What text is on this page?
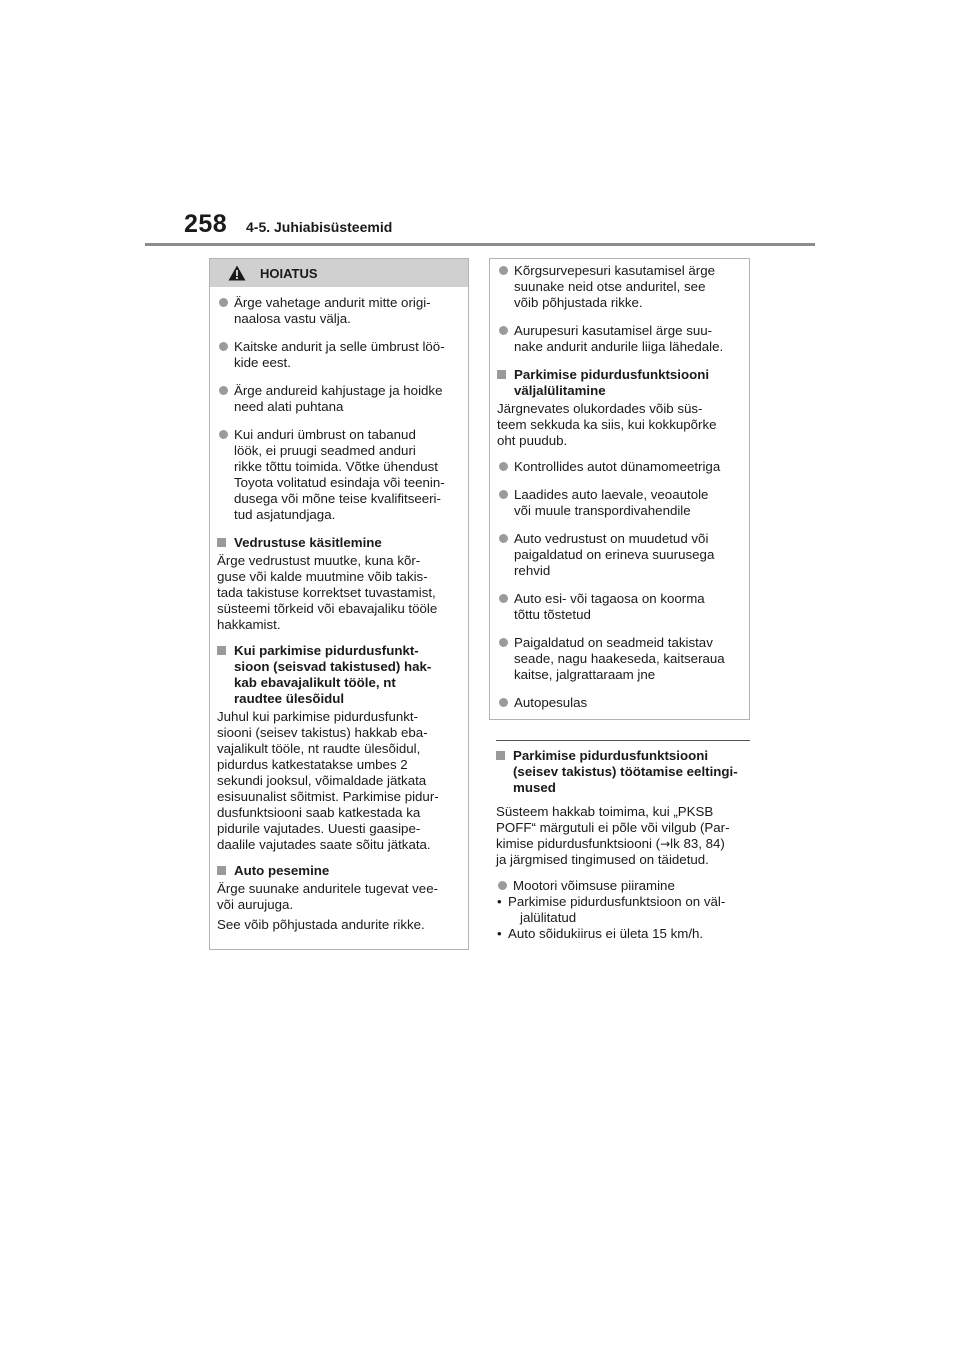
258 4-5. Juhiabisüsteemid
HOIATUS
Ärge vahetage andurit mitte origi-
naalosa vastu välja.
Kaitske andurit ja selle ümbrust löö-
kide eest.
Ärge andureid kahjustage ja hoidke
need alati puhtana
Kui anduri ümbrust on tabanud
löök, ei pruugi seadmed anduri
rikke tõttu toimida. Võtke ühendust
Toyota volitatud esindaja või teenin-
dusega või mõne teise kvalifitseeri-
tud asjatundjaga.
Vedrustuse käsitlemine
Ärge vedrustust muutke, kuna kõr-
guse või kalde muutmine võib takis-
tada takistuse korrektset tuvastamist,
süsteemi tõrkeid või ebavajaliku tööle
hakkamist.
Kui parkimise pidurdusfunkt-
sioon (seisvad takistused) hak-
kab ebavajalikult tööle, nt
raudtee ülesõidul
Juhul kui parkimise pidurdusfunkt-
siooni (seisev takistus) hakkab eba-
vajalikult tööle, nt raudte ülesõidul,
pidurdus katkestatakse umbes 2
sekundi jooksul, võimaldade jätkata
esisuunalist sõitmist. Parkimise pidur-
dusfunktsiooni saab katkestada ka
pidurile vajutades. Uuesti gaasipe-
daalile vajutades saate sõitu jätkata.
Auto pesemine
Ärge suunake anduritele tugevat vee-
või aurujuga.
See võib põhjustada andurite rikke.
Kõrgsurvepesuri kasutamisel ärge
suunake neid otse anduritel, see
võib põhjustada rikke.
Aurupesuri kasutamisel ärge suu-
nake andurit andurile liiga lähedale.
Parkimise pidurdusfunktsiooni
väljalülitamine
Järgnevates olukordades võib süs-
teem sekkuda ka siis, kui kokkupõrke
oht puudub.
Kontrollides autot dünamomeetriga
Laadides auto laevale, veoautole
või muule transpordivahendile
Auto vedrustust on muudetud või
paigaldatud on erineva suurusega
rehvid
Auto esi- või tagaosa on koorma
tõttu tõstetud
Paigaldatud on seadmeid takistav
seade, nagu haakeseda, kaitseraua
kaitse, jalgrattaraam jne
Autopesulas
Parkimise pidurdusfunktsiooni
(seisev takistus) töötamise eeltingi-
mused
Süsteem hakkab toimima, kui „PKSB
POFF“ märgutuli ei põle või vilgub (Par-
kimise pidurdusfunktsiooni (→lk 83, 84)
ja järgmised tingimused on täidetud.
Mootori võimsuse piiramine
• Parkimise pidurdusfunktsioon on väl-
jalülitatud
• Auto sõidukiirus ei ületa 15 km/h.
